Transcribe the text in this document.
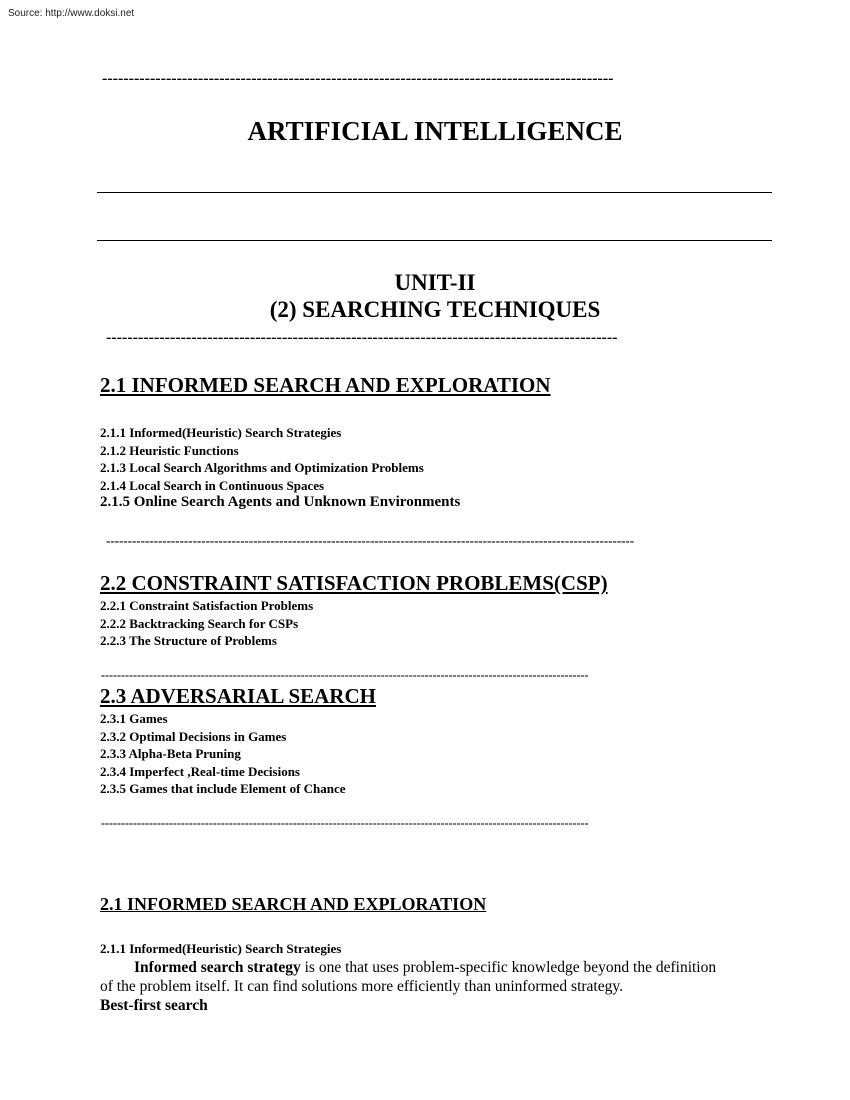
Source: http://www.doksi.net
------------------------------------------------------------------------------------------------
ARTIFICIAL INTELLIGENCE
UNIT-II
(2) SEARCHING TECHNIQUES
------------------------------------------------------------------------------------------------
2.1 INFORMED SEARCH AND EXPLORATION
2.1.1 Informed(Heuristic) Search Strategies
2.1.2 Heuristic Functions
2.1.3 Local Search Algorithms and Optimization Problems
2.1.4 Local Search in Continuous Spaces
2.1.5 Online Search Agents and Unknown Environments
--------------------------------------------------------------------------------------------------------------------------
2.2 CONSTRAINT SATISFACTION PROBLEMS(CSP)
2.2.1 Constraint Satisfaction Problems
2.2.2 Backtracking Search for CSPs
2.2.3 The Structure of Problems
--------------------------------------------------------------------------------------------------------------------------
2.3 ADVERSARIAL SEARCH
2.3.1 Games
2.3.2 Optimal Decisions in Games
2.3.3 Alpha-Beta Pruning
2.3.4 Imperfect ,Real-time Decisions
2.3.5 Games that include Element of Chance
--------------------------------------------------------------------------------------------------------------------------
2.1 INFORMED SEARCH AND EXPLORATION
2.1.1 Informed(Heuristic) Search Strategies
Informed search strategy is one that uses problem-specific knowledge beyond the definition
of the problem itself. It can find solutions more efficiently than uninformed strategy.
Best-first search
